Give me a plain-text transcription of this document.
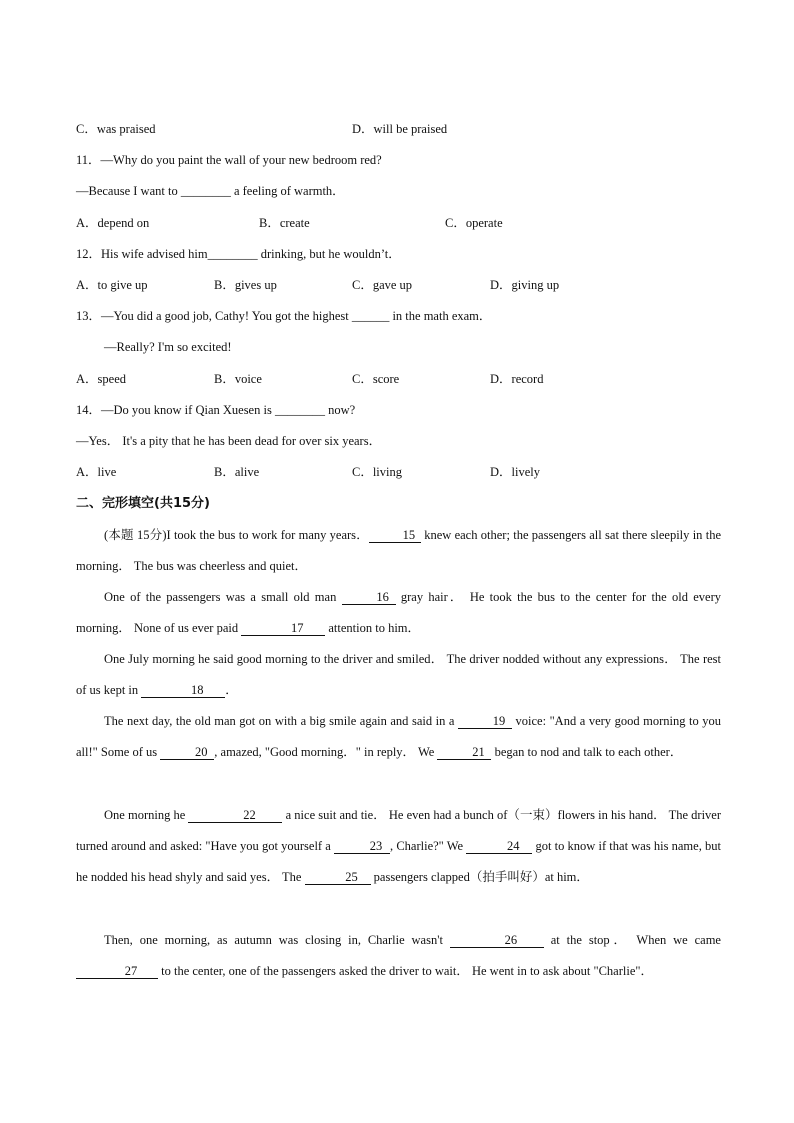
C．was praised	D．will be praised
11．—Why do you paint the wall of your new bedroom red?
—Because I want to ________ a feeling of warmth．
A．depend on	B．create	C．operate
12．His wife advised him________ drinking, but he wouldn’t．
A．to give up	B．gives up	C．gave up	D．giving up
13．—You did a good job, Cathy! You got the highest ______ in the math exam．
—Really? I'm so excited!
A．speed	B．voice	C．score	D．record
14．—Do you know if Qian Xuesen is ________ now?
—Yes． It's a pity that he has been dead for over six years．
A．live	B．alive	C．living	D．lively
二、完形填空(共15分)
(本题 15分)I took the bus to work for many years．	15 knew each other; the passengers all sat there sleepily in the morning． The bus was cheerless and quiet．
One of the passengers was a small old man	16 gray hair． He took the bus to the center for the old every morning． None of us ever paid	17 attention to him．
One July morning he said good morning to the driver and smiled． The driver nodded without any expressions． The rest of us kept in	18 ．
The next day, the old man got on with a big smile again and said in a	19 voice: "And a very good morning to you all!" Some of us	20 , amazed, "Good morning．" in reply． We	21 began to nod and talk to each other．
One morning he	22 a nice suit and tie． He even had a bunch of（一束）flowers in his hand． The driver turned around and asked: "Have you got yourself a	23 , Charlie?" We	24 got to know if that was his name, but he nodded his head shyly and said yes． The	25 passengers clapped（拍手叫好）at him．
Then, one morning, as autumn was closing in, Charlie wasn't	26 at the stop． When we came 27 to the center, one of the passengers asked the driver to wait． He went in to ask about "Charlie"．
